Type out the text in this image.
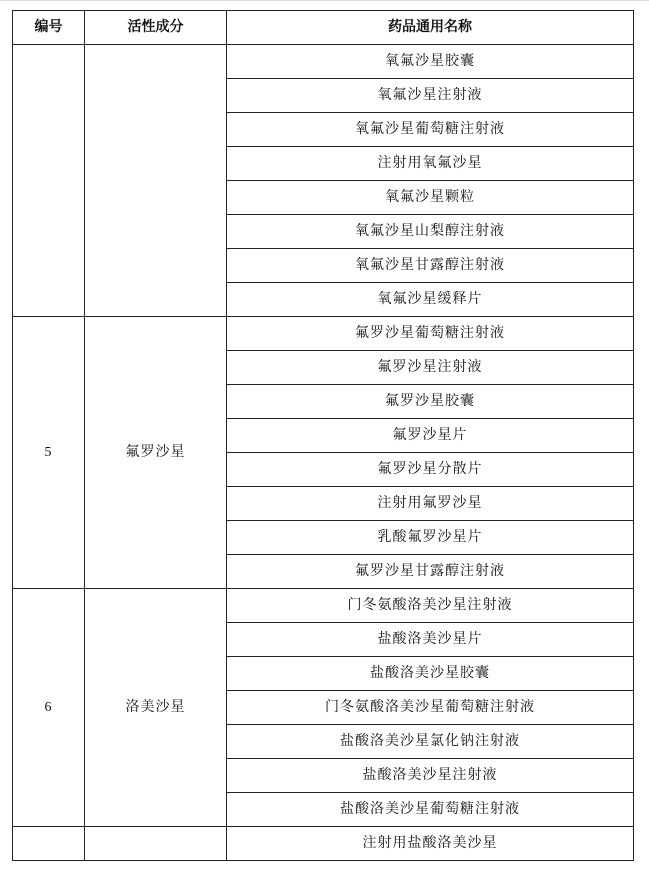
编号	活性成分	药品通用名称
		氧氟沙星胶囊
		氧氟沙星注射液
		氧氟沙星葡萄糖注射液
		注射用氧氟沙星
		氧氟沙星颗粒
		氧氟沙星山梨醇注射液
		氧氟沙星甘露醇注射液
		氧氟沙星缓释片
5	氟罗沙星	氟罗沙星葡萄糖注射液
		氟罗沙星注射液
		氟罗沙星胶囊
		氟罗沙星片
		氟罗沙星分散片
		注射用氟罗沙星
		乳酸氟罗沙星片
		氟罗沙星甘露醇注射液
6	洛美沙星	门冬氨酸洛美沙星注射液
		盐酸洛美沙星片
		盐酸洛美沙星胶囊
		门冬氨酸洛美沙星葡萄糖注射液
		盐酸洛美沙星氯化钠注射液
		盐酸洛美沙星注射液
		盐酸洛美沙星葡萄糖注射液
		注射用盐酸洛美沙星
